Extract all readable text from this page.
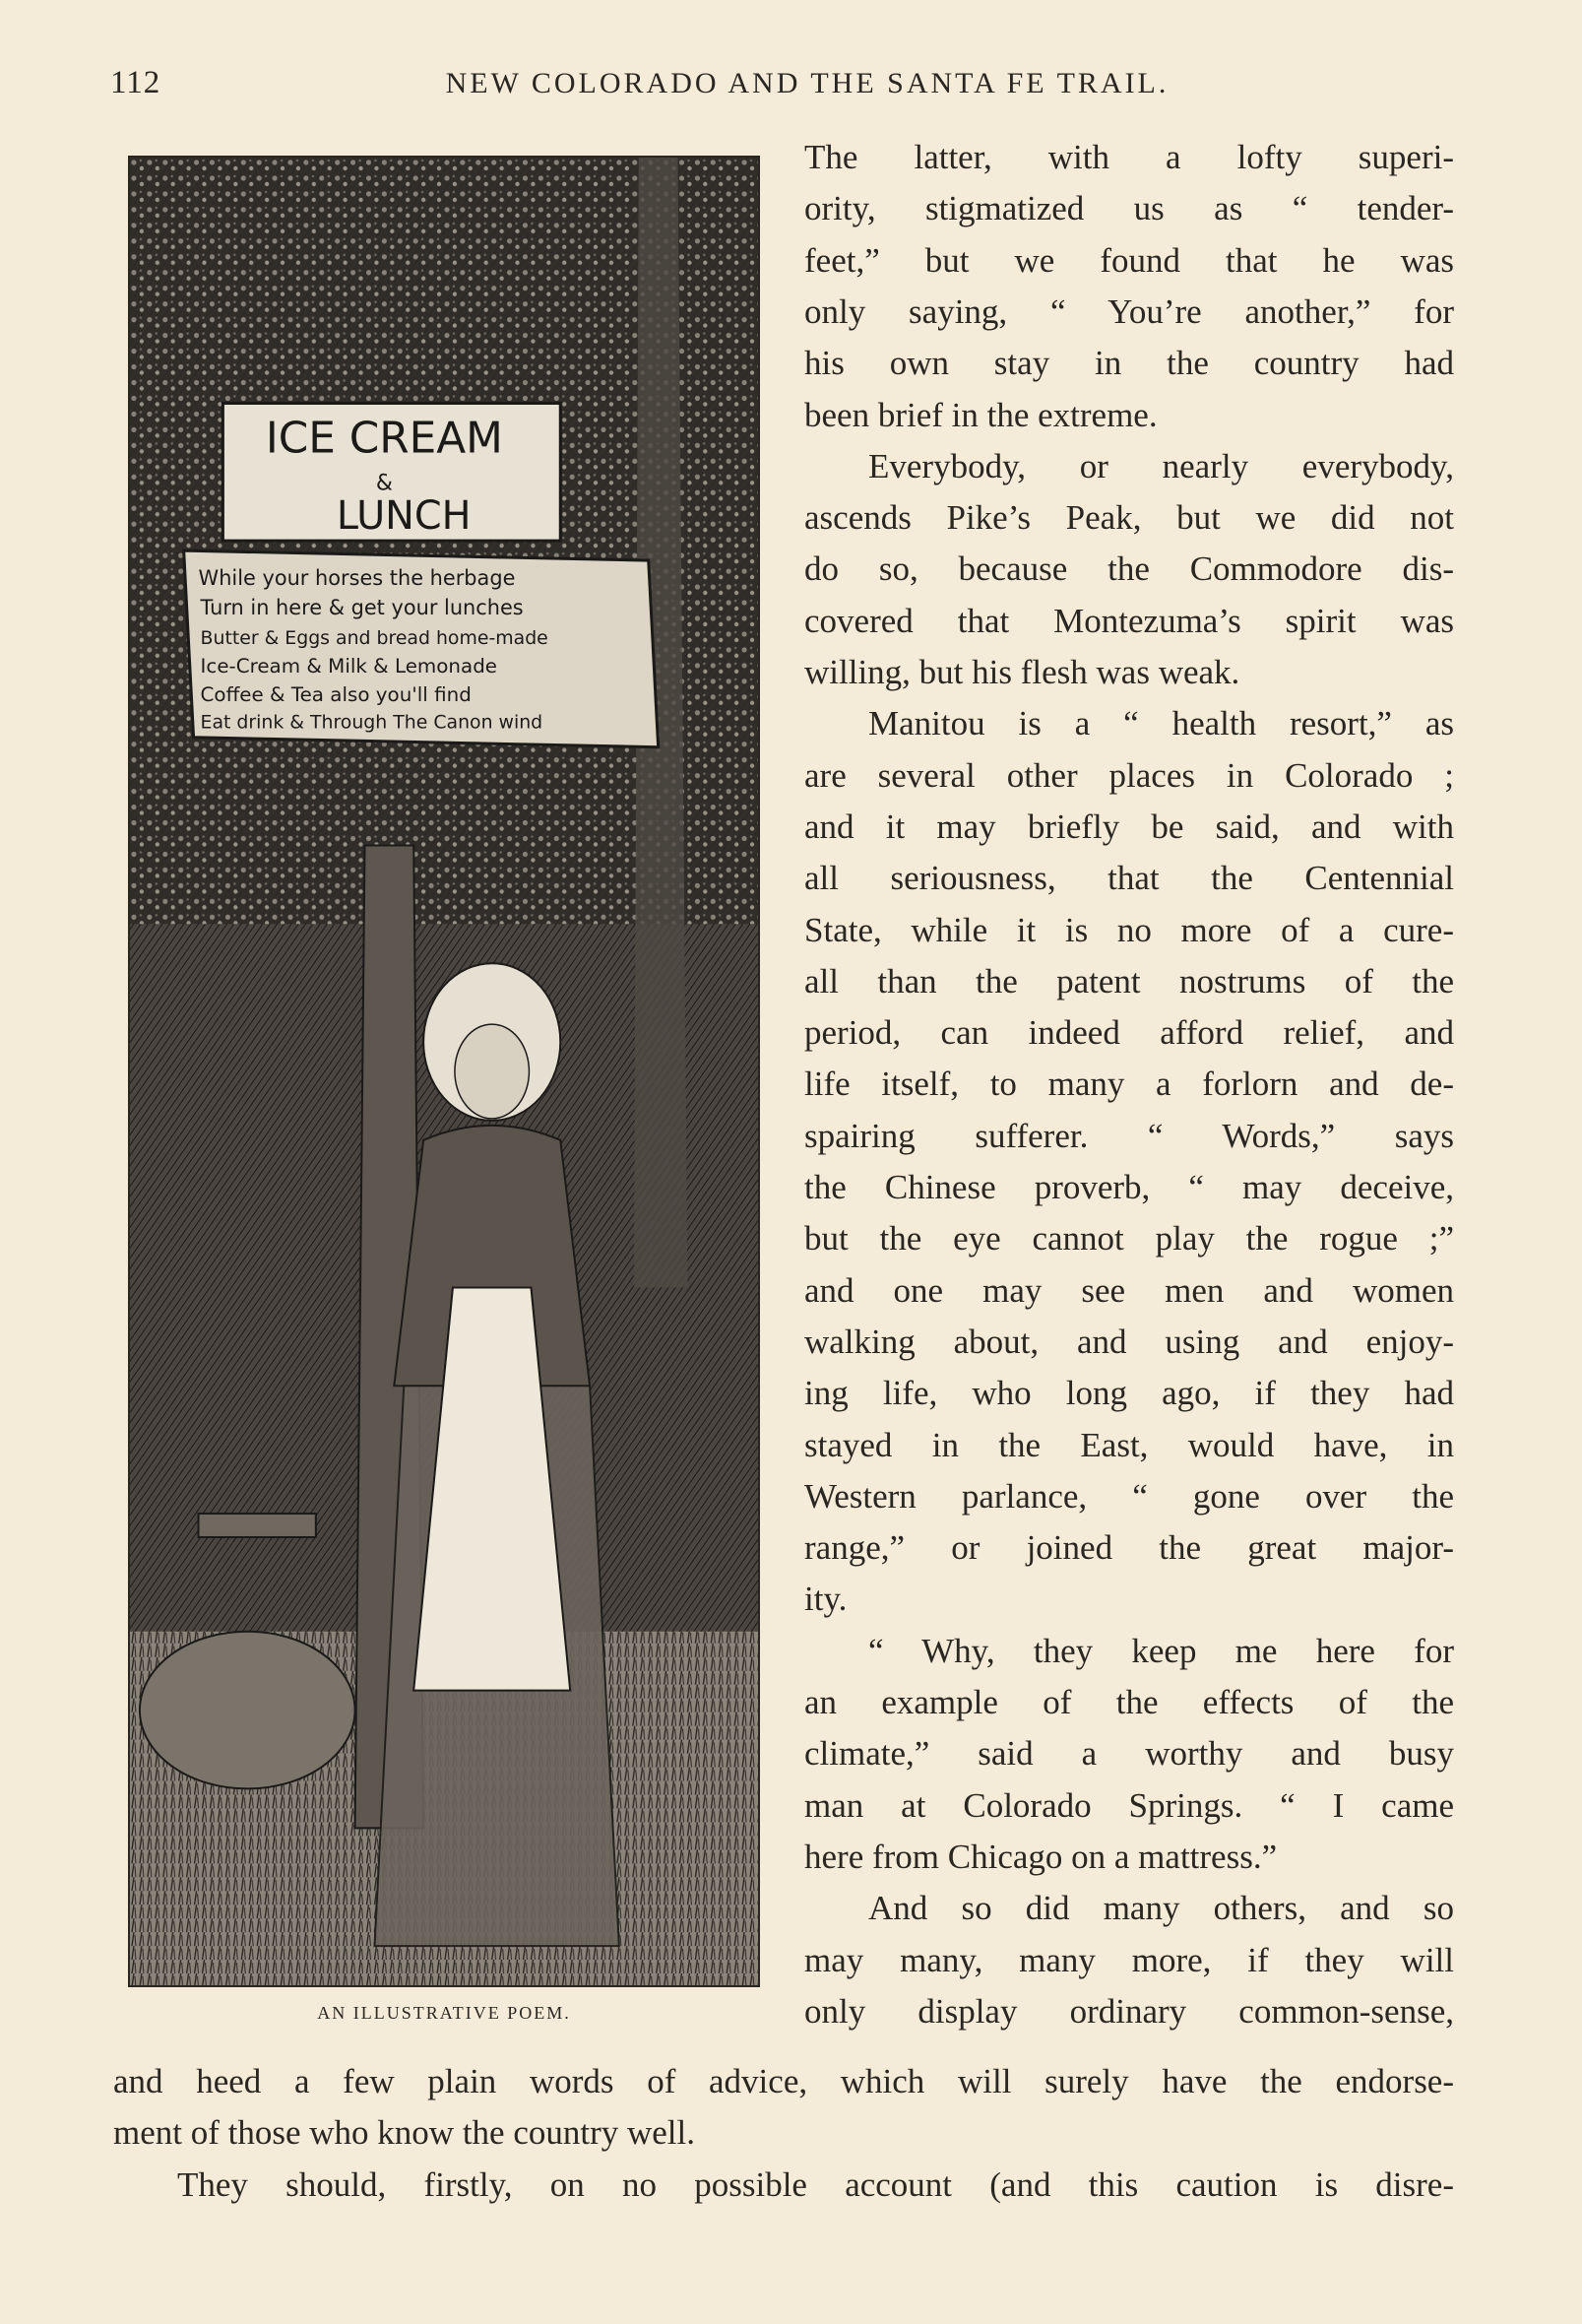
112	NEW COLORADO AND THE SANTA FE TRAIL.
ICE CREAM
&
LUNCH
While your horses the herbage
Turn in here & get your lunches
Butter & Eggs and bread home-made
Ice-Cream & Milk & Lemonade
Coffee & Tea also you'll find
Eat drink & Through The Canon wind
AN ILLUSTRATIVE POEM.
The latter, with a lofty superi-
ority, stigmatized us as “ tender-
feet,” but we found that he was
only saying, “ You’re another,” for
his own stay in the country had
been brief in the extreme.
Everybody, or nearly everybody,
ascends Pike’s Peak, but we did not
do so, because the Commodore dis-
covered that Montezuma’s spirit was
willing, but his flesh was weak.
Manitou is a “ health resort,” as
are several other places in Colorado ;
and it may briefly be said, and with
all seriousness, that the Centennial
State, while it is no more of a cure-
all than the patent nostrums of the
period, can indeed afford relief, and
life itself, to many a forlorn and de-
spairing sufferer. “ Words,” says
the Chinese proverb, “ may deceive,
but the eye cannot play the rogue ;”
and one may see men and women
walking about, and using and enjoy-
ing life, who long ago, if they had
stayed in the East, would have, in
Western parlance, “ gone over the
range,” or joined the great major-
ity.
“ Why, they keep me here for
an example of the effects of the
climate,” said a worthy and busy
man at Colorado Springs. “ I came
here from Chicago on a mattress.”
And so did many others, and so
may many, many more, if they will
only display ordinary common-sense,
and heed a few plain words of advice, which will surely have the endorse-
ment of those who know the country well.
They should, firstly, on no possible account (and this caution is disre-
